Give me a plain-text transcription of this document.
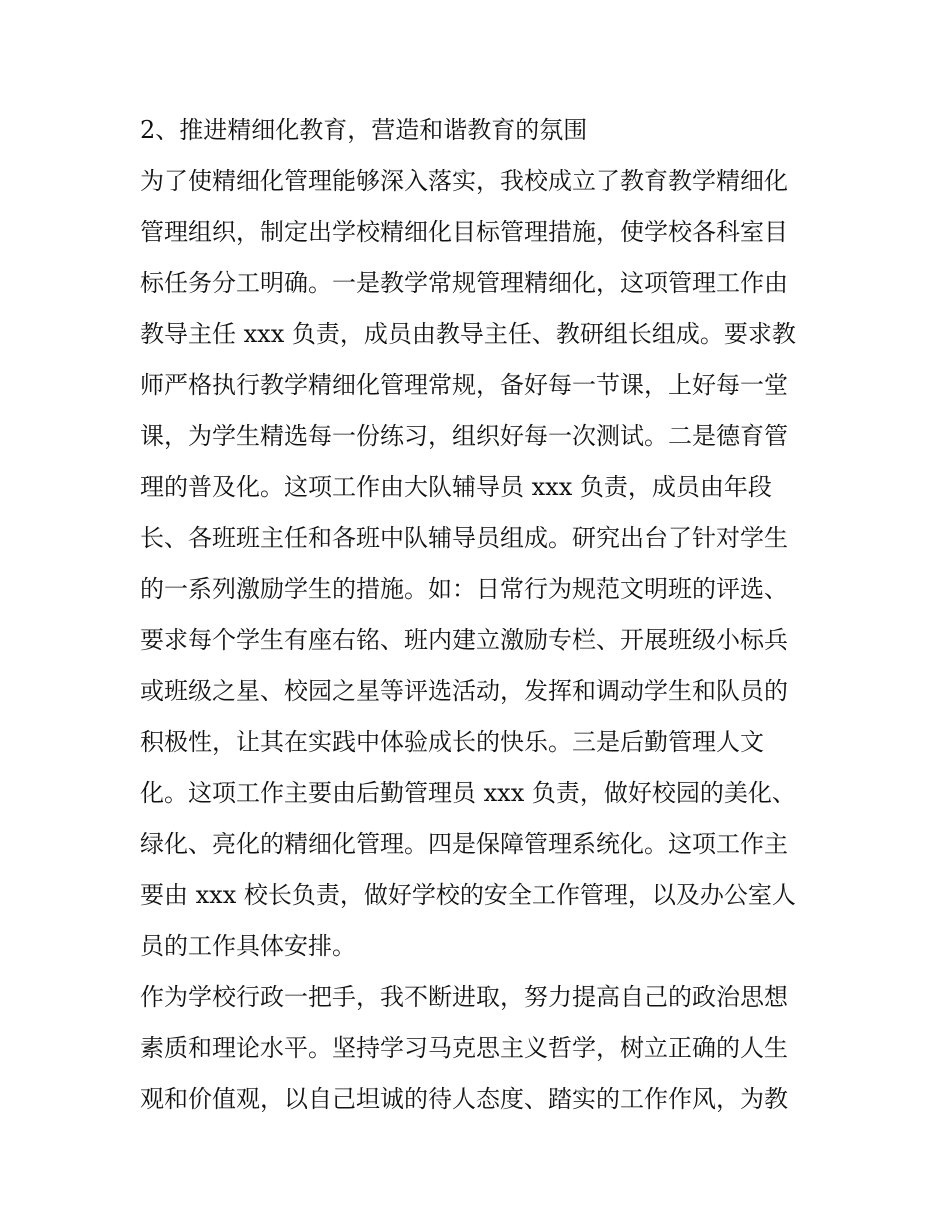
2、推进精细化教育，营造和谐教育的氛围

为了使精细化管理能够深入落实，我校成立了教育教学精细化

管理组织，制定出学校精细化目标管理措施，使学校各科室目

标任务分工明确。一是教学常规管理精细化，这项管理工作由

教导主任 xxx 负责，成员由教导主任、教研组长组成。要求教

师严格执行教学精细化管理常规，备好每一节课，上好每一堂

课，为学生精选每一份练习，组织好每一次测试。二是德育管

理的普及化。这项工作由大队辅导员 xxx 负责，成员由年段

长、各班班主任和各班中队辅导员组成。研究出台了针对学生

的一系列激励学生的措施。如：日常行为规范文明班的评选、

要求每个学生有座右铭、班内建立激励专栏、开展班级小标兵

或班级之星、校园之星等评选活动，发挥和调动学生和队员的

积极性，让其在实践中体验成长的快乐。三是后勤管理人文

化。这项工作主要由后勤管理员 xxx 负责，做好校园的美化、

绿化、亮化的精细化管理。四是保障管理系统化。这项工作主

要由 xxx 校长负责，做好学校的安全工作管理，以及办公室人

员的工作具体安排。

作为学校行政一把手，我不断进取，努力提高自己的政治思想

素质和理论水平。坚持学习马克思主义哲学，树立正确的人生

观和价值观，以自己坦诚的待人态度、踏实的工作作风，为教
